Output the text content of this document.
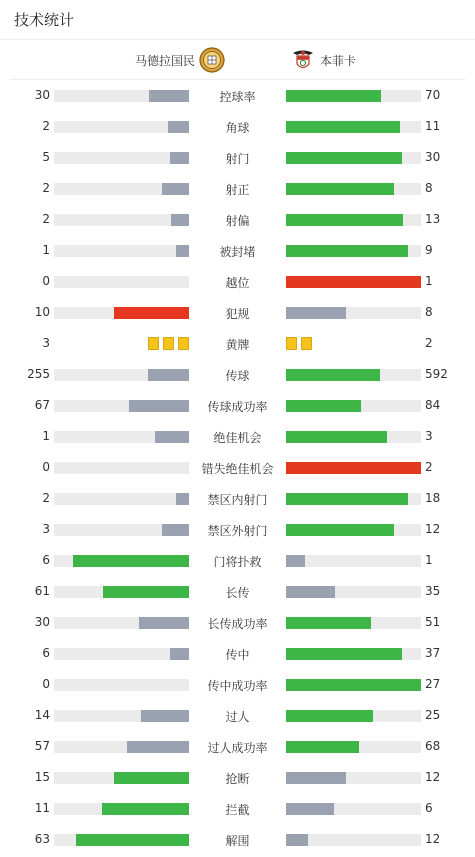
技术统计
马德拉国民	本菲卡
30	控球率	70
2	角球	11
5	射门	30
2	射正	8
2	射偏	13
1	被封堵	9
0	越位	1
10	犯规	8
3	黄牌	2
255	传球	592
67	传球成功率	84
1	绝佳机会	3
0	错失绝佳机会	2
2	禁区内射门	18
3	禁区外射门	12
6	门将扑救	1
61	长传	35
30	长传成功率	51
6	传中	37
0	传中成功率	27
14	过人	25
57	过人成功率	68
15	抢断	12
11	拦截	6
63	解围	12
